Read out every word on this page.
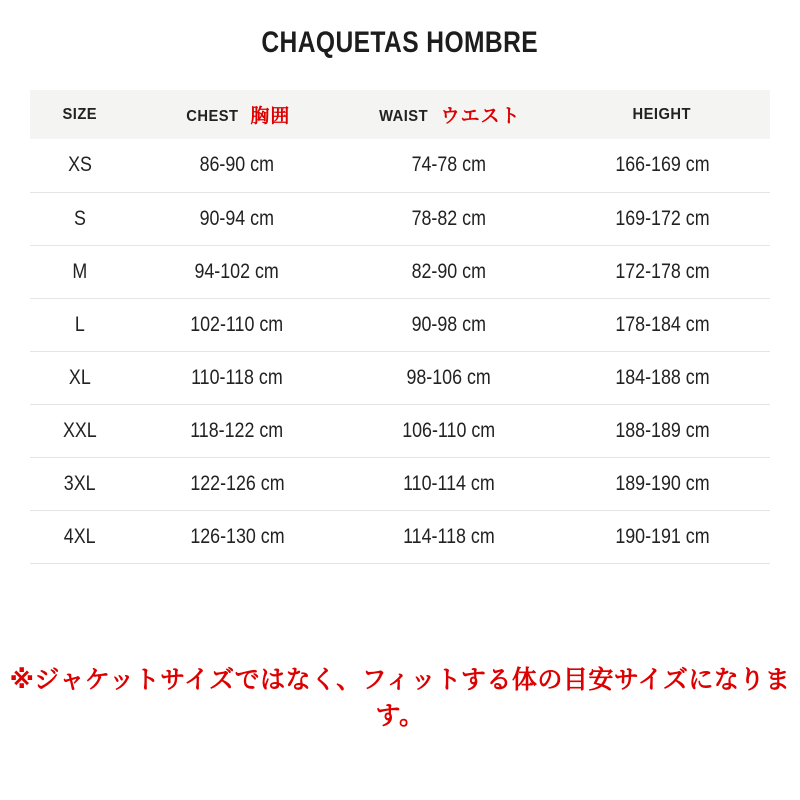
CHAQUETAS HOMBRE
SIZE	CHEST 胸囲	WAIST ウエスト	HEIGHT
XS	86-90 cm	74-78 cm	166-169 cm
S	90-94 cm	78-82 cm	169-172 cm
M	94-102 cm	82-90 cm	172-178 cm
L	102-110 cm	90-98 cm	178-184 cm
XL	110-118 cm	98-106 cm	184-188 cm
XXL	118-122 cm	106-110 cm	188-189 cm
3XL	122-126 cm	110-114 cm	189-190 cm
4XL	126-130 cm	114-118 cm	190-191 cm

※ジャケットサイズではなく、フィットする体の目安サイズになります。
